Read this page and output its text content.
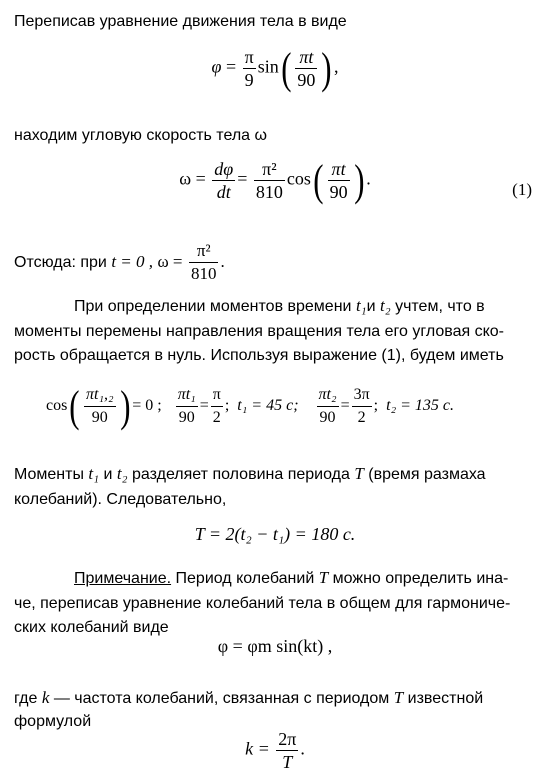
Переписав уравнение движения тела в виде
$\varphi = \frac{\pi}{9} \sin( \frac{\pi t}{90}$ ) ,
находим угловую скорость тела ω
$\omega = \frac{d\varphi}{dt} = \frac{\text{π²}}{810} \cos( \frac{\pi t}{90}$ ) .
(1)
Отсюда: при t = 0 , $\omega = \frac{\text{π²}}{810}$ .
При определении моментов времени t₁и t₂ учтем, что в
моменты перемены направления вращения тела его угловая ско-
рость обращается в нуль. Используя выражение (1), будем иметь
$\cos( \frac{\text{πt₁,₂}}{90}$ ) = 0 ; $\frac{\text{πt₁}}{90} = \frac{\pi}{2}$ ; t₁ = 45 с; $\frac{\text{πt₂}}{90} = \frac{3\pi}{2}$ ; t₂ = 135 с.
Моменты t₁ и t₂ разделяет половина периода T (время размаха
колебаний). Следовательно,
T = 2(t₂ − t₁) = 180 с.
Примечание. Период колебаний T можно определить ина-
че, переписав уравнение колебаний тела в общем для гармониче-
ских колебаний виде
φ = φm sin(kt) ,
где k — частота колебаний, связанная с периодом T известной
формулой
$k = \frac{2\pi}{T}$ .
